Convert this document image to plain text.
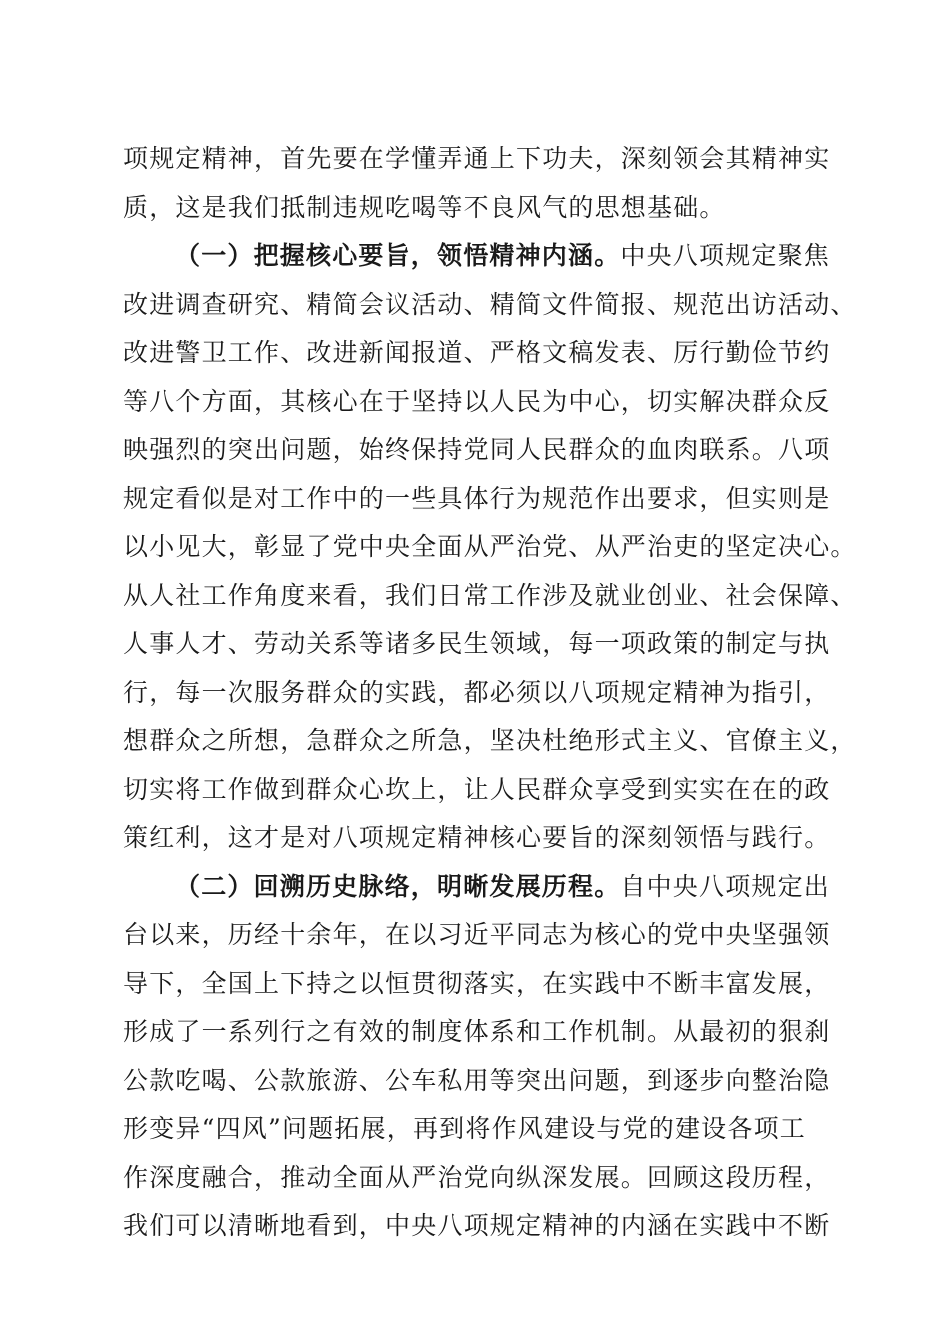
项规定精神，首先要在学懂弄通上下功夫，深刻领会其精神实
质，这是我们抵制违规吃喝等不良风气的思想基础。
（一）把握核心要旨，领悟精神内涵。中央八项规定聚焦
改进调查研究、精简会议活动、精简文件简报、规范出访活动、
改进警卫工作、改进新闻报道、严格文稿发表、厉行勤俭节约
等八个方面，其核心在于坚持以人民为中心，切实解决群众反
映强烈的突出问题，始终保持党同人民群众的血肉联系。八项
规定看似是对工作中的一些具体行为规范作出要求，但实则是
以小见大，彰显了党中央全面从严治党、从严治吏的坚定决心。
从人社工作角度来看，我们日常工作涉及就业创业、社会保障、
人事人才、劳动关系等诸多民生领域，每一项政策的制定与执
行，每一次服务群众的实践，都必须以八项规定精神为指引，
想群众之所想，急群众之所急，坚决杜绝形式主义、官僚主义，
切实将工作做到群众心坎上，让人民群众享受到实实在在的政
策红利，这才是对八项规定精神核心要旨的深刻领悟与践行。
（二）回溯历史脉络，明晰发展历程。自中央八项规定出
台以来，历经十余年，在以习近平同志为核心的党中央坚强领
导下，全国上下持之以恒贯彻落实，在实践中不断丰富发展，
形成了一系列行之有效的制度体系和工作机制。从最初的狠刹
公款吃喝、公款旅游、公车私用等突出问题，到逐步向整治隐
形变异“四风”问题拓展，再到将作风建设与党的建设各项工
作深度融合，推动全面从严治党向纵深发展。回顾这段历程，
我们可以清晰地看到，中央八项规定精神的内涵在实践中不断
